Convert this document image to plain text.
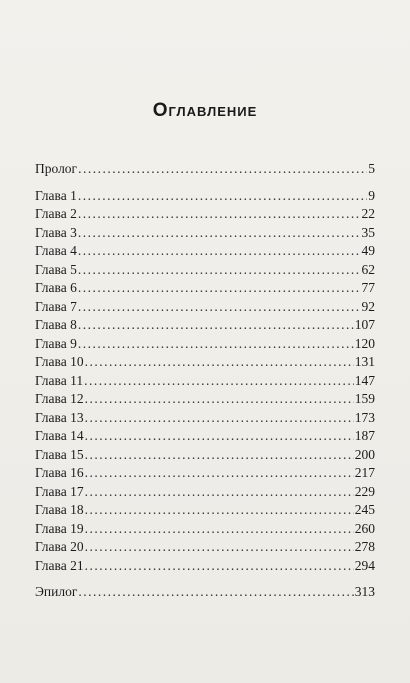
Оглавление
Пролог .....	5
Глава 1 .....	9
Глава 2 .....	22
Глава 3 .....	35
Глава 4 .....	49
Глава 5 .....	62
Глава 6 .....	77
Глава 7 .....	92
Глава 8 .....	107
Глава 9 .....	120
Глава 10 .....	131
Глава 11 .....	147
Глава 12 .....	159
Глава 13 .....	173
Глава 14 .....	187
Глава 15 .....	200
Глава 16 .....	217
Глава 17 .....	229
Глава 18 .....	245
Глава 19 .....	260
Глава 20 .....	278
Глава 21 .....	294
Эпилог .....	313
